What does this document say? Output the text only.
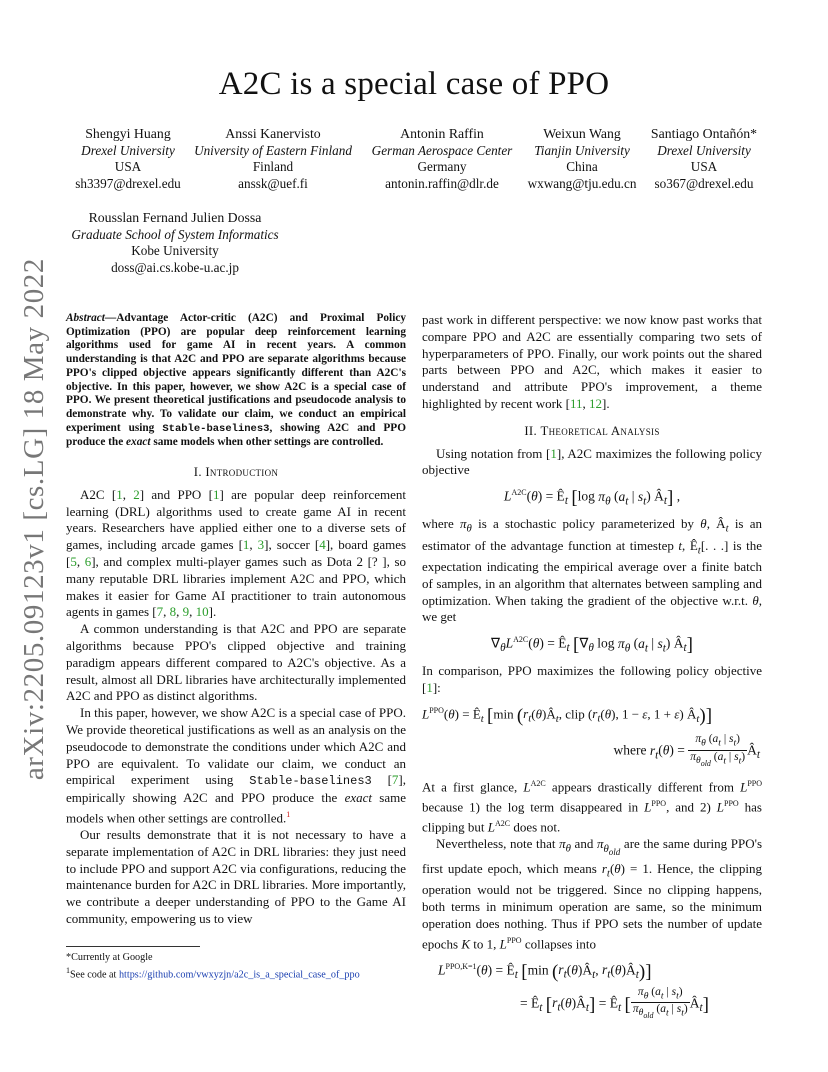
arXiv:2205.09123v1 [cs.LG] 18 May 2022
A2C is a special case of PPO
Shengyi Huang
Drexel University
USA
sh3397@drexel.edu
Anssi Kanervisto
University of Eastern Finland
Finland
anssk@uef.fi
Antonin Raffin
German Aerospace Center
Germany
antonin.raffin@dlr.de
Weixun Wang
Tianjin University
China
wxwang@tju.edu.cn
Santiago Ontañón*
Drexel University
USA
so367@drexel.edu
Rousslan Fernand Julien Dossa
Graduate School of System Informatics
Kobe University
doss@ai.cs.kobe-u.ac.jp
Abstract—Advantage Actor-critic (A2C) and Proximal Policy Optimization (PPO) are popular deep reinforcement learning algorithms used for game AI in recent years. A common understanding is that A2C and PPO are separate algorithms because PPO's clipped objective appears significantly different than A2C's objective. In this paper, however, we show A2C is a special case of PPO. We present theoretical justifications and pseudocode analysis to demonstrate why. To validate our claim, we conduct an empirical experiment using Stable-baselines3, showing A2C and PPO produce the exact same models when other settings are controlled.
I. Introduction

A2C [1, 2] and PPO [1] are popular deep reinforcement learning (DRL) algorithms used to create game AI in recent years. Researchers have applied either one to a diverse sets of games, including arcade games [1, 3], soccer [4], board games [5, 6], and complex multi-player games such as Dota 2 [? ], so many reputable DRL libraries implement A2C and PPO, which makes it easier for Game AI practitioner to train autonomous agents in games [7, 8, 9, 10].

A common understanding is that A2C and PPO are separate algorithms because PPO's clipped objective and training paradigm appears different compared to A2C's objective. As a result, almost all DRL libraries have architecturally implemented A2C and PPO as distinct algorithms.

In this paper, however, we show A2C is a special case of PPO. We provide theoretical justifications as well as an analysis on the pseudocode to demonstrate the conditions under which A2C and PPO are equivalent. To validate our claim, we conduct an empirical experiment using Stable-baselines3 [7], empirically showing A2C and PPO produce the exact same models when other settings are controlled.$^1$

Our results demonstrate that it is not necessary to have a separate implementation of A2C in DRL libraries: they just need to include PPO and support A2C via configurations, reducing the maintenance burden for A2C in DRL libraries. More importantly, we contribute a deeper understanding of PPO to the Game AI community, empowering us to view

*Currently at Google
$^1$See code at https://github.com/vwxyzjn/a2c_is_a_special_case_of_ppo

past work in different perspective: we now know past works that compare PPO and A2C are essentially comparing two sets of hyperparameters of PPO. Finally, our work points out the shared parts between PPO and A2C, which makes it easier to understand and attribute PPO's improvement, a theme highlighted by recent work [11, 12].

II. Theoretical Analysis

Using notation from [1], A2C maximizes the following policy objective

$L^{A2C}(\theta)$ = $Ê_t$ [log $\pi_\theta$ ($a_t$ | $s_t$) $Â_t$] ,

where $\pi_\theta$ is a stochastic policy parameterized by θ, $Â_t$ is an estimator of the advantage function at timestep t, $Ê_t$[. . .] is the expectation indicating the empirical average over a finite batch of samples, in an algorithm that alternates between sampling and optimization. When taking the gradient of the objective w.r.t. θ, we get

$\nabla_\theta L^{A2C}(\theta)$ = $Ê_t$ [$\nabla_\theta$ $\log \pi_\theta$ ($a_t$ | $s_t$) $Â_t$]

In comparison, PPO maximizes the following policy objective [1]:

$L^{PPO}(\theta)$ = $Ê_t$ [min ($r_t(\theta)Â_t$, clip ($r_t(\theta)$, 1 − ε, 1 + ε) $Â_t$)]
where $r_t(\theta) = \frac{\pi_\theta (a_t | s_t)}{\pi_{\theta_{old}} (a_t | s_t)}$ $Â_t$

At a first glance, $L^{A2C}$ appears drastically different from $L^{PPO}$ because 1) the log term disappeared in $L^{PPO}$, and 2) $L^{PPO}$ has clipping but $L^{A2C}$ does not.

Nevertheless, note that $\pi_\theta$ and $\pi_{\theta_{old}}$ are the same during PPO's first update epoch, which means $r_t(\theta) = 1$. Hence, the clipping operation would not be triggered. Since no clipping happens, both terms in minimum operation are same, so the minimum operation does nothing. Thus if PPO sets the number of update epochs K to 1, $L^{PPO}$ collapses into

$L^{PPO,K=1}(\theta)$ = $Ê_t$ [min ($r_t(\theta)Â_t$, $r_t(\theta)Â_t$)]
= $Ê_t$ $[r_t(\theta)Â_t]$ = $Ê_t$ [ $\frac{\pi_\theta (a_t | s_t)}{\pi_{\theta_{old}} (a_t | s_t)}$ $Â_t$]
